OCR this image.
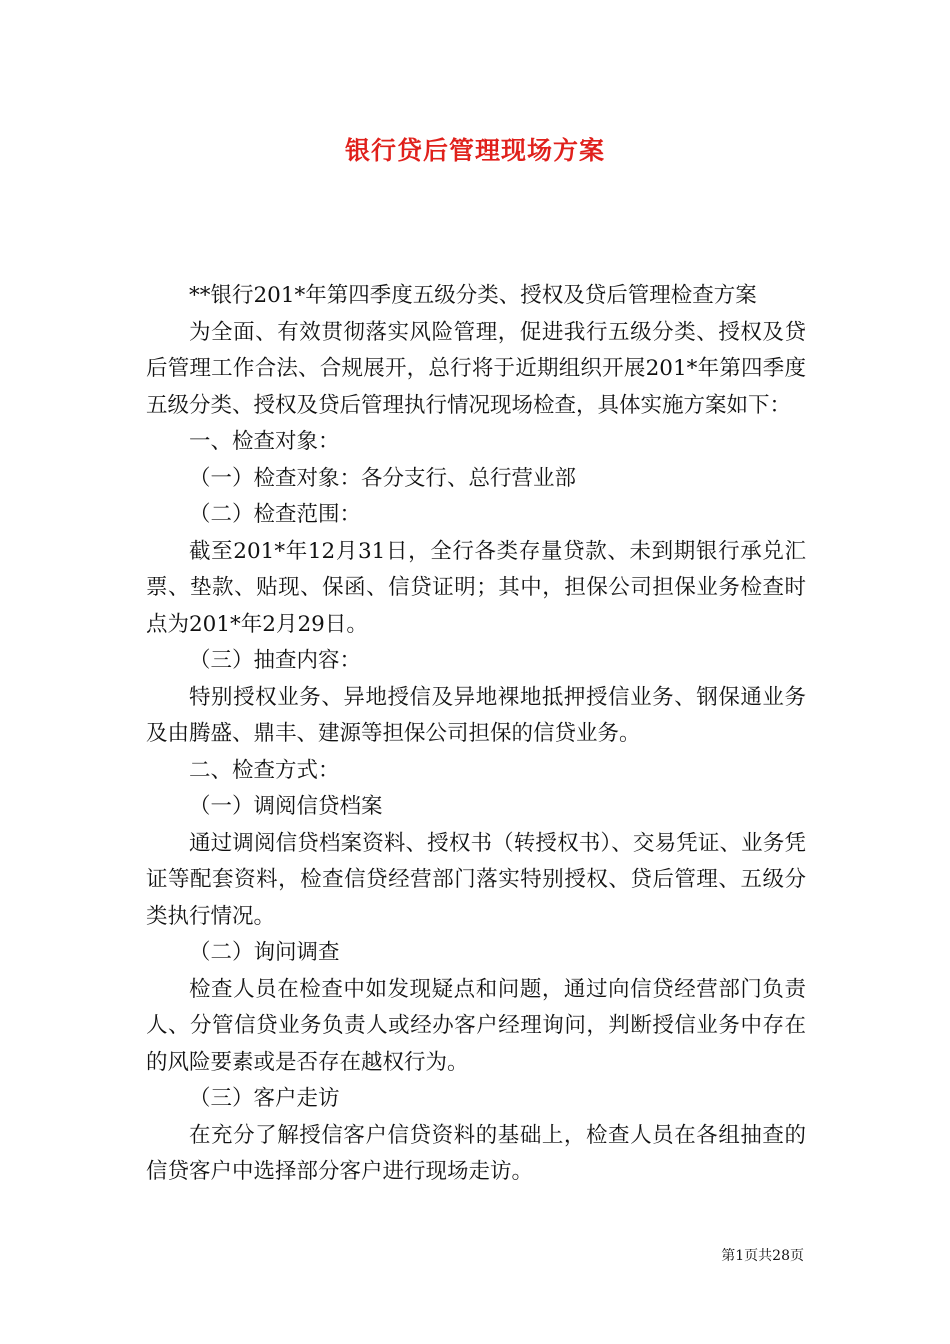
银行贷后管理现场方案

**银行201*年第四季度五级分类、授权及贷后管理检查方案

为全面、有效贯彻落实风险管理，促进我行五级分类、授权及贷后管理工作合法、合规展开，总行将于近期组织开展201*年第四季度五级分类、授权及贷后管理执行情况现场检查，具体实施方案如下：

一、检查对象：

（一）检查对象：各分支行、总行营业部

（二）检查范围：

截至201*年12月31日，全行各类存量贷款、未到期银行承兑汇票、垫款、贴现、保函、信贷证明；其中，担保公司担保业务检查时点为201*年2月29日。

（三）抽查内容：

特别授权业务、异地授信及异地裸地抵押授信业务、钢保通业务及由腾盛、鼎丰、建源等担保公司担保的信贷业务。

二、检查方式：

（一）调阅信贷档案

通过调阅信贷档案资料、授权书（转授权书）、交易凭证、业务凭证等配套资料，检查信贷经营部门落实特别授权、贷后管理、五级分类执行情况。

（二）询问调查

检查人员在检查中如发现疑点和问题，通过向信贷经营部门负责人、分管信贷业务负责人或经办客户经理询问，判断授信业务中存在的风险要素或是否存在越权行为。

（三）客户走访

在充分了解授信客户信贷资料的基础上，检查人员在各组抽查的信贷客户中选择部分客户进行现场走访。

第1页共28页
